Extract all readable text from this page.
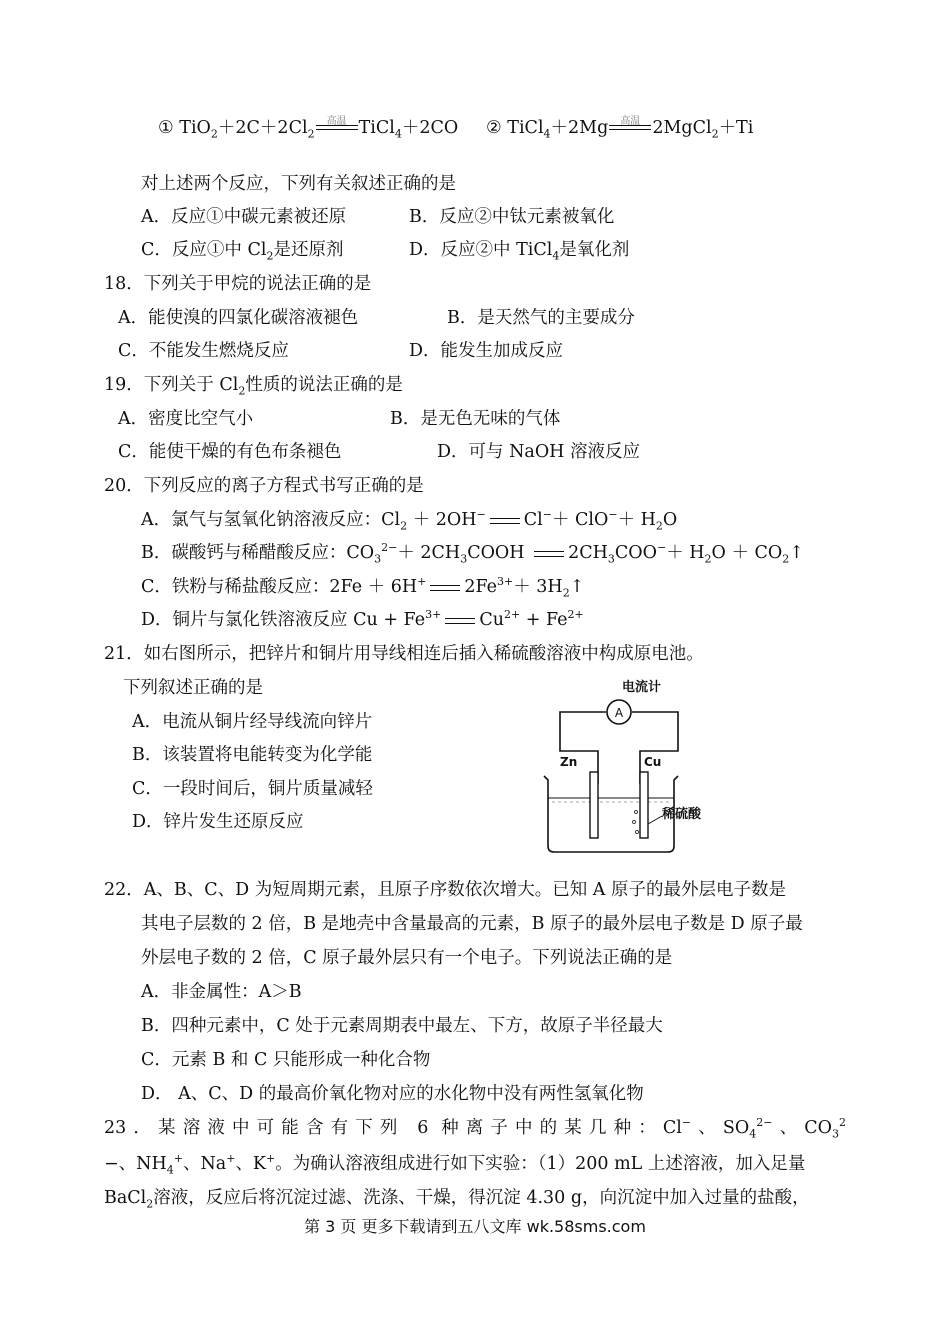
① $TiO_2+2C+2Cl_2$
高温 TiCl$_4$＋2CO ② TiCl$_4$＋2Mg	高温 2MgCl$_2$＋Ti
对上述两个反应，下列有关叙述正确的是
A．反应①中碳元素被还原	B．反应②中钛元素被氧化
C．反应①中 $Cl_2$是还原剂	D．反应②中 TiCl$_4$是氧化剂
18．下列关于甲烷的说法正确的是
A．能使溴的四氯化碳溶液褪色	B．是天然气的主要成分
C．不能发生燃烧反应	D．能发生加成反应
19．下列关于 $Cl_2$性质的说法正确的是
A．密度比空气小	B．是无色无味的气体
C．能使干燥的有色布条褪色	D．可与 NaOH 溶液反应
20．下列反应的离子方程式书写正确的是
A．氯气与氢氧化钠溶液反应：$Cl_2 + 2OH^-$ $Cl^-+ ClO^-+ H_2O$
B．碳酸钙与稀醋酸反应：$CO_3^{2-}+$ $2CH_3COOH$ $2CH_3COO^-+ H_2O$ ＋ $CO_2↑$
C．铁粉与稀盐酸反应：2Fe ＋ 6H+ $2Fe^{3+}+$ $3H_2↑$
D．铜片与氯化铁溶液反应 $Cu + Fe^{3+}$ $Cu^{2+} + Fe^{2+}$
21．如右图所示，把锌片和铜片用导线相连后插入稀硫酸溶液中构成原电池。
下列叙述正确的是
A．电流从铜片经导线流向锌片
B．该装置将电能转变为化学能
C．一段时间后，铜片质量减轻
D．锌片发生还原反应
电流计
A
Zn	Cu
稀硫酸
22．A、B、C、D 为短周期元素，且原子序数依次增大。已知 A 原子的最外层电子数是
其电子层数的 2 倍，B 是地壳中含量最高的元素，B 原子的最外层电子数是 D 原子最
外层电子数的 2 倍，C 原子最外层只有一个电子。下列说法正确的是
A．非金属性：A＞B
B．四种元素中，C 处于元素周期表中最左、下方，故原子半径最大
C．元素 B 和 C 只能形成一种化合物
D． A、C、D 的最高价氧化物对应的水化物中没有两性氢氧化物
23．某溶液中可能含有下列 6 种离子中的某几种：Cl−、$SO_4^{2-}$、$CO_3^2$
−、$NH_4^+$、Na+、K+。为确认溶液组成进行如下实验：（1）200 mL 上述溶液，加入足量
BaCl$_2$溶液，反应后将沉淀过滤、洗涤、干燥，得沉淀 4.30 g，向沉淀中加入过量的盐酸，
第 3 页 更多下载请到五八文库 wk.58sms.com
